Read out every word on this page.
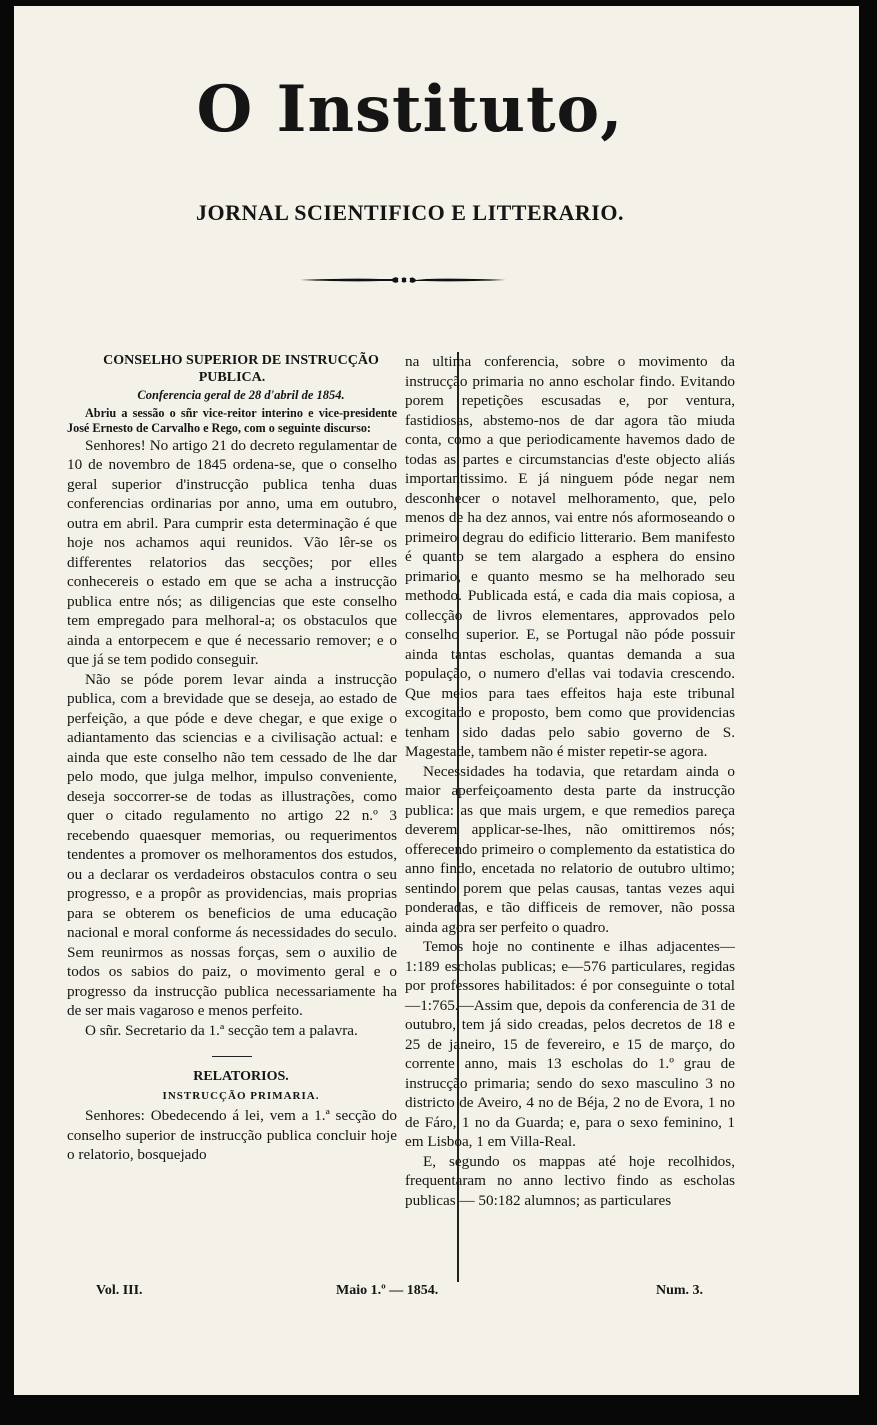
O Instituto,
JORNAL SCIENTIFICO E LITTERARIO.

CONSELHO SUPERIOR DE INSTRUCÇÃO PUBLICA.

Conferencia geral de 28 d'abril de 1854.

Abriu a sessão o sñr vice-reitor interino e vice-presidente José Ernesto de Carvalho e Rego, com o seguinte discurso:

Senhores! No artigo 21 do decreto regulamentar de 10 de novembro de 1845 ordena-se, que o conselho geral superior d'instrucção publica tenha duas conferencias ordinarias por anno, uma em outubro, outra em abril. Para cumprir esta determinação é que hoje nos achamos aqui reunidos. Vão lêr-se os differentes relatorios das secções; por elles conhecereis o estado em que se acha a instrucção publica entre nós; as diligencias que este conselho tem empregado para melhoral-a; os obstaculos que ainda a entorpecem e que é necessario remover; e o que já se tem podido conseguir.

Não se póde porem levar ainda a instrucção publica, com a brevidade que se deseja, ao estado de perfeição, a que póde e deve chegar, e que exige o adiantamento das sciencias e a civilisação actual: e ainda que este conselho não tem cessado de lhe dar pelo modo, que julga melhor, impulso conveniente, deseja soccorrer-se de todas as illustrações, como quer o citado regulamento no artigo 22 n.º 3 recebendo quaesquer memorias, ou requerimentos tendentes a promover os melhoramentos dos estudos, ou a declarar os verdadeiros obstaculos contra o seu progresso, e a propôr as providencias, mais proprias para se obterem os beneficios de uma educação nacional e moral conforme ás necessidades do seculo. Sem reunirmos as nossas forças, sem o auxilio de todos os sabios do paiz, o movimento geral e o progresso da instrucção publica necessariamente ha de ser mais vagaroso e menos perfeito.

O sñr. Secretario da 1.ª secção tem a palavra.

RELATORIOS.

INSTRUCÇÃO PRIMARIA.

Senhores: Obedecendo á lei, vem a 1.ª secção do conselho superior de instrucção publica concluir hoje o relatorio, bosquejado

na ultima conferencia, sobre o movimento da instrucção primaria no anno escholar findo. Evitando porem repetições escusadas e, por ventura, fastidiosas, abstemo-nos de dar agora tão miuda conta, como a que periodicamente havemos dado de todas as partes e circumstancias d'este objecto aliás importantissimo. E já ninguem póde negar nem desconhecer o notavel melhoramento, que, pelo menos de ha dez annos, vai entre nós aformoseando o primeiro degrau do edificio litterario. Bem manifesto é quanto se tem alargado a esphera do ensino primario, e quanto mesmo se ha melhorado seu methodo. Publicada está, e cada dia mais copiosa, a collecção de livros elementares, approvados pelo conselho superior. E, se Portugal não póde possuir ainda tantas escholas, quantas demanda a sua população, o numero d'ellas vai todavia crescendo. Que meios para taes effeitos haja este tribunal excogitado e proposto, bem como que providencias tenham sido dadas pelo sabio governo de S. Magestade, tambem não é mister repetir-se agora.

Necessidades ha todavia, que retardam ainda o maior aperfeiçoamento desta parte da instrucção publica: as que mais urgem, e que remedios pareça deverem applicar-se-lhes, não omittiremos nós; offerecendo primeiro o complemento da estatistica do anno findo, encetada no relatorio de outubro ultimo; sentindo porem que pelas causas, tantas vezes aqui ponderadas, e tão difficeis de remover, não possa ainda agora ser perfeito o quadro.

Temos hoje no continente e ilhas adjacentes—1:189 escholas publicas; e—576 particulares, regidas por professores habilitados: é por conseguinte o total—1:765.—Assim que, depois da conferencia de 31 de outubro, tem já sido creadas, pelos decretos de 18 e 25 de janeiro, 15 de fevereiro, e 15 de março, do corrente anno, mais 13 escholas do 1.º grau de instrucção primaria; sendo do sexo masculino 3 no districto de Aveiro, 4 no de Béja, 2 no de Evora, 1 no de Fáro, 1 no da Guarda; e, para o sexo feminino, 1 em Lisboa, 1 em Villa-Real.

E, segundo os mappas até hoje recolhidos, frequentaram no anno lectivo findo as escholas publicas — 50:182 alumnos; as particulares

Vol. III.	Maio 1.º — 1854.	Num. 3.
